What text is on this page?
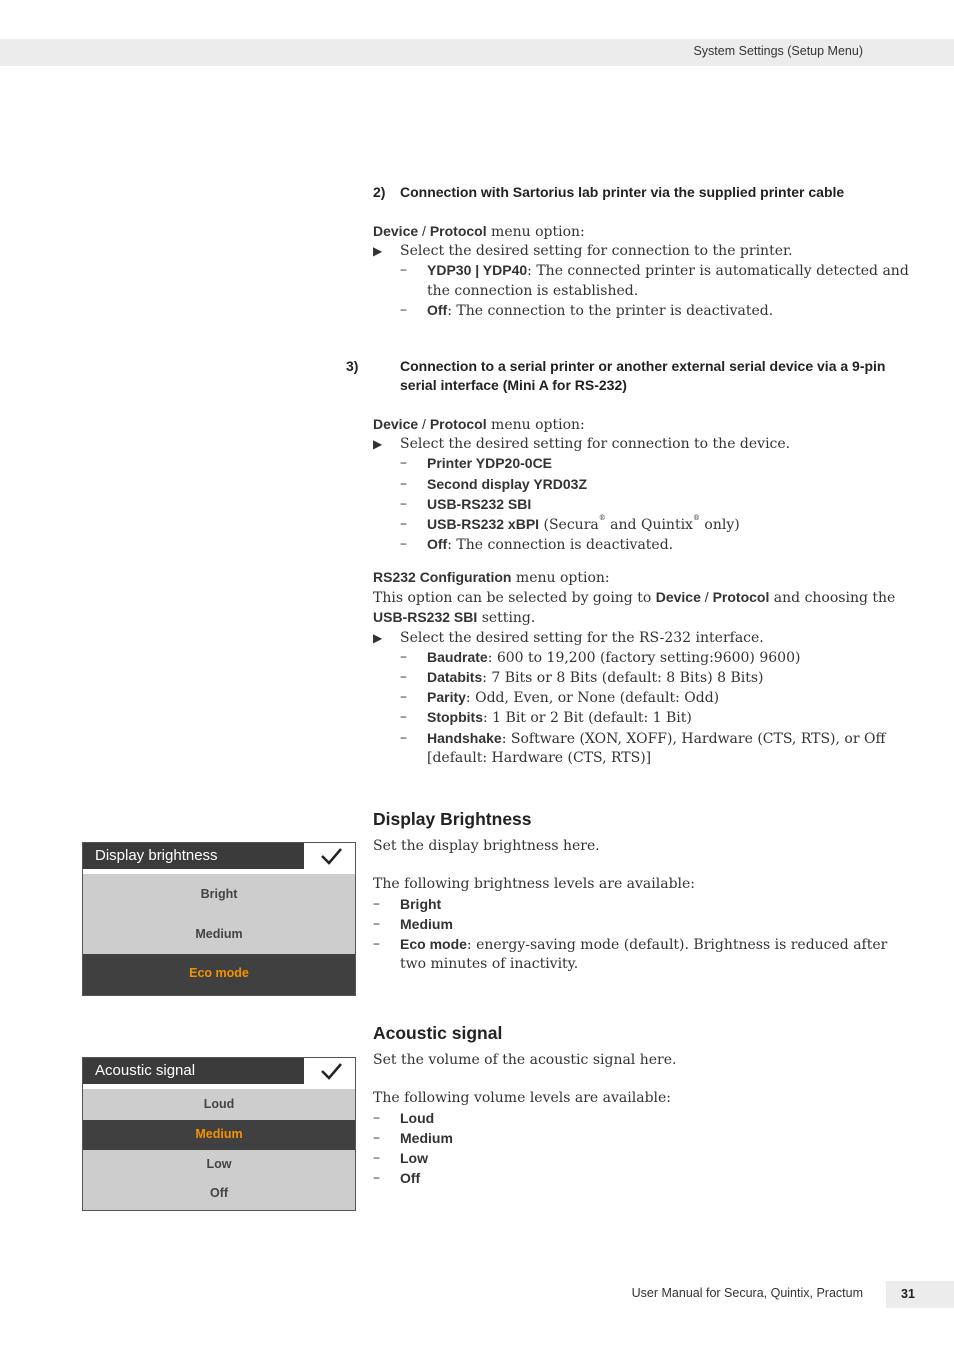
System Settings (Setup Menu)
2) Connection with Sartorius lab printer via the supplied printer cable
Device / Protocol menu option:
▶ Select the desired setting for connection to the printer.
– YDP30 | YDP40: The connected printer is automatically detected and the connection is established.
– Off: The connection to the printer is deactivated.
3)	Connection to a serial printer or another external serial device via a 9-pin serial interface (Mini A for RS-232)
Device / Protocol menu option:
▶ Select the desired setting for connection to the device.
– Printer YDP20-0CE
– Second display YRD03Z
– USB-RS232 SBI
– USB-RS232 xBPI (Secura® and Quintix® only)
– Off: The connection is deactivated.
RS232 Configuration menu option:
This option can be selected by going to Device / Protocol and choosing the USB-RS232 SBI setting.
▶ Select the desired setting for the RS-232 interface.
– Baudrate: 600 to 19,200 (factory setting:9600) 9600)
– Databits: 7 Bits or 8 Bits (default: 8 Bits) 8 Bits)
– Parity: Odd, Even, or None (default: Odd)
– Stopbits: 1 Bit or 2 Bit (default: 1 Bit)
– Handshake: Software (XON, XOFF), Hardware (CTS, RTS), or Off [default: Hardware (CTS, RTS)]
Display Brightness
Set the display brightness here.
The following brightness levels are available:
– Bright
– Medium
– Eco mode: energy-saving mode (default). Brightness is reduced after two minutes of inactivity.
Display brightness
Bright
Medium
Eco mode
Acoustic signal
Set the volume of the acoustic signal here.
The following volume levels are available:
– Loud
– Medium
– Low
– Off
Acoustic signal
Loud
Medium
Low
Off
User Manual for Secura, Quintix, Practum	31
